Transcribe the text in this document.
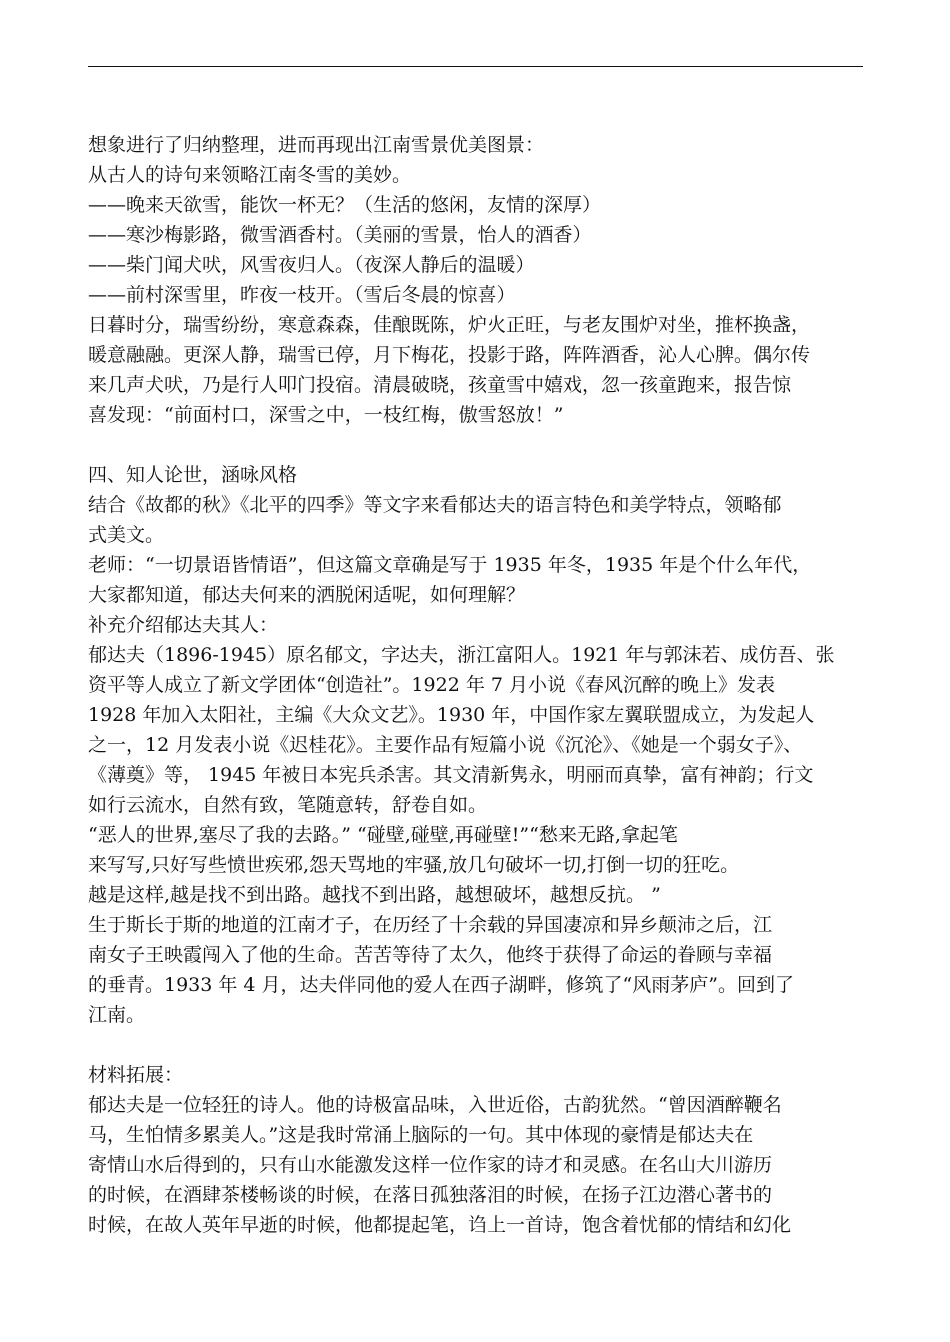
想象进行了归纳整理，进而再现出江南雪景优美图景：
从古人的诗句来领略江南冬雪的美妙。
——晚来天欲雪，能饮一杯无？（生活的悠闲，友情的深厚）
——寒沙梅影路，微雪酒香村。（美丽的雪景，怡人的酒香）
——柴门闻犬吠，风雪夜归人。（夜深人静后的温暖）
——前村深雪里，昨夜一枝开。（雪后冬晨的惊喜）
日暮时分，瑞雪纷纷，寒意森森，佳酿既陈，炉火正旺，与老友围炉对坐，推杯换盏，
暖意融融。更深人静，瑞雪已停，月下梅花，投影于路，阵阵酒香，沁人心脾。偶尔传
来几声犬吠，乃是行人叩门投宿。清晨破晓，孩童雪中嬉戏，忽一孩童跑来，报告惊
喜发现：“前面村口，深雪之中，一枝红梅，傲雪怒放！”
四、知人论世，涵咏风格
结合《故都的秋》《北平的四季》等文字来看郁达夫的语言特色和美学特点，领略郁
式美文。
老师：“一切景语皆情语”，但这篇文章确是写于 1935 年冬，1935 年是个什么年代，
大家都知道，郁达夫何来的洒脱闲适呢，如何理解？
补充介绍郁达夫其人：
郁达夫（1896-1945）原名郁文，字达夫，浙江富阳人。1921 年与郭沫若、成仿吾、张
资平等人成立了新文学团体“创造社”。1922 年 7 月小说《春风沉醉的晚上》发表
1928 年加入太阳社，主编《大众文艺》。1930 年，中国作家左翼联盟成立，为发起人
之一，12 月发表小说《迟桂花》。主要作品有短篇小说《沉沦》、《她是一个弱女子》、
《薄奠》等， 1945 年被日本宪兵杀害。其文清新隽永，明丽而真挚，富有神韵；行文
如行云流水，自然有致，笔随意转，舒卷自如。
“恶人的世界,塞尽了我的去路。” “碰壁,碰壁,再碰壁!”“愁来无路,拿起笔
来写写,只好写些愤世疾邪,怨天骂地的牢骚,放几句破坏一切,打倒一切的狂吃。
越是这样,越是找不到出路。越找不到出路，越想破坏，越想反抗。 ”
生于斯长于斯的地道的江南才子，在历经了十余载的异国凄凉和异乡颠沛之后，江
南女子王映霞闯入了他的生命。苦苦等待了太久，他终于获得了命运的眷顾与幸福
的垂青。1933 年 4 月，达夫伴同他的爱人在西子湖畔，修筑了“风雨茅庐”。回到了
江南。
材料拓展：
郁达夫是一位轻狂的诗人。他的诗极富品味，入世近俗，古韵犹然。“曾因酒醉鞭名
马，生怕情多累美人。”这是我时常涌上脑际的一句。其中体现的豪情是郁达夫在
寄情山水后得到的，只有山水能激发这样一位作家的诗才和灵感。在名山大川游历
的时候，在酒肆茶楼畅谈的时候，在落日孤独落泪的时候，在扬子江边潜心著书的
时候，在故人英年早逝的时候，他都提起笔，诌上一首诗，饱含着忧郁的情结和幻化
